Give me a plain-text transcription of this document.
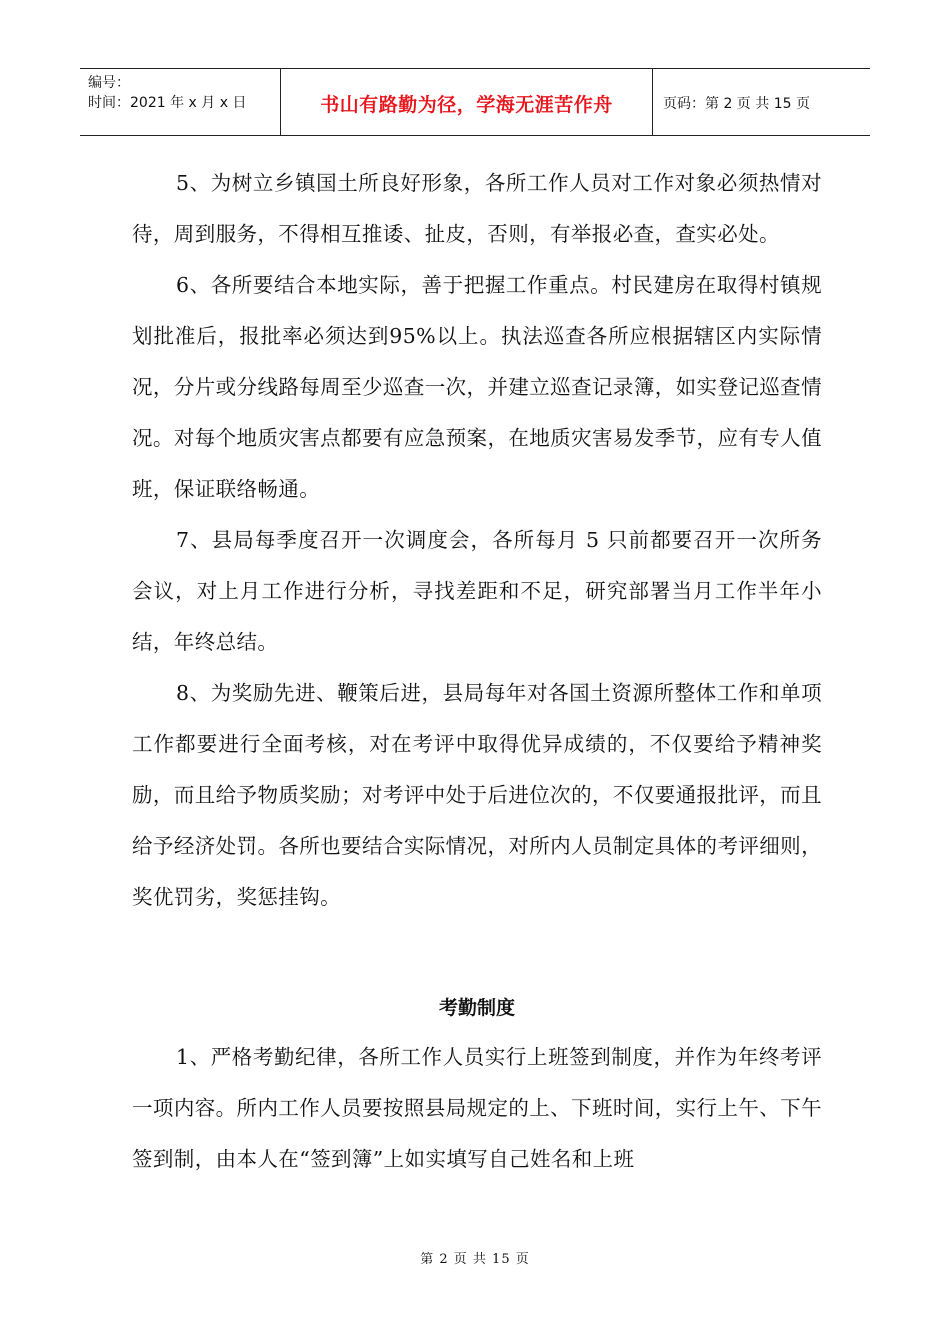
编号：
时间：2021 年 x 月 x 日	书山有路勤为径，学海无涯苦作舟	页码：第 2 页 共 15 页

5、为树立乡镇国土所良好形象，各所工作人员对工作对象必须热情对待，周到服务，不得相互推诿、扯皮，否则，有举报必查，查实必处。

6、各所要结合本地实际，善于把握工作重点。村民建房在取得村镇规划批准后，报批率必须达到95%以上。执法巡查各所应根据辖区内实际情况，分片或分线路每周至少巡查一次，并建立巡查记录簿，如实登记巡查情况。对每个地质灾害点都要有应急预案，在地质灾害易发季节，应有专人值班，保证联络畅通。

7、县局每季度召开一次调度会，各所每月 5 只前都要召开一次所务会议，对上月工作进行分析，寻找差距和不足，研究部署当月工作半年小结，年终总结。

8、为奖励先进、鞭策后进，县局每年对各国土资源所整体工作和单项工作都要进行全面考核，对在考评中取得优异成绩的，不仅要给予精神奖励，而且给予物质奖励；对考评中处于后进位次的，不仅要通报批评，而且给予经济处罚。各所也要结合实际情况，对所内人员制定具体的考评细则，奖优罚劣，奖惩挂钩。

考勤制度

1、严格考勤纪律，各所工作人员实行上班签到制度，并作为年终考评一项内容。所内工作人员要按照县局规定的上、下班时间，实行上午、下午签到制，由本人在“签到簿”上如实填写自己姓名和上班

第 2 页 共 15 页
